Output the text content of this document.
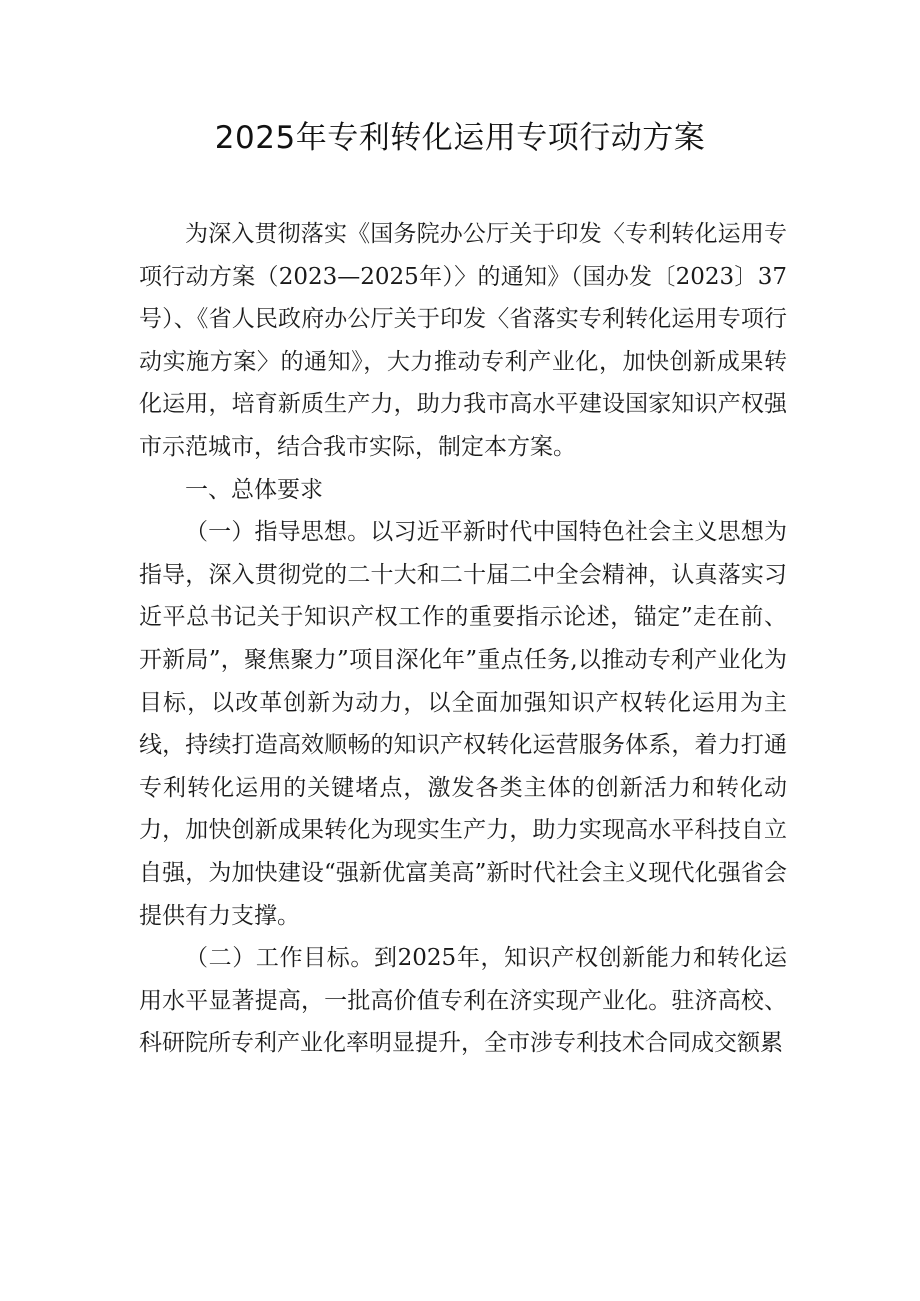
2025年专利转化运用专项行动方案

为深入贯彻落实《国务院办公厅关于印发〈专利转化运用专项行动方案（2023—2025年）〉的通知》（国办发〔2023〕37号）、《省人民政府办公厅关于印发〈省落实专利转化运用专项行动实施方案〉的通知》，大力推动专利产业化，加快创新成果转化运用，培育新质生产力，助力我市高水平建设国家知识产权强市示范城市，结合我市实际，制定本方案。

一、总体要求

（一）指导思想。以习近平新时代中国特色社会主义思想为指导，深入贯彻党的二十大和二十届二中全会精神，认真落实习近平总书记关于知识产权工作的重要指示论述，锚定”走在前、开新局”，聚焦聚力”项目深化年”重点任务,以推动专利产业化为目标，以改革创新为动力，以全面加强知识产权转化运用为主线，持续打造高效顺畅的知识产权转化运营服务体系，着力打通专利转化运用的关键堵点，激发各类主体的创新活力和转化动力，加快创新成果转化为现实生产力，助力实现高水平科技自立自强，为加快建设“强新优富美高”新时代社会主义现代化强省会提供有力支撑。

（二）工作目标。到2025年，知识产权创新能力和转化运用水平显著提高，一批高价值专利在济实现产业化。驻济高校、科研院所专利产业化率明显提升，全市涉专利技术合同成交额累
